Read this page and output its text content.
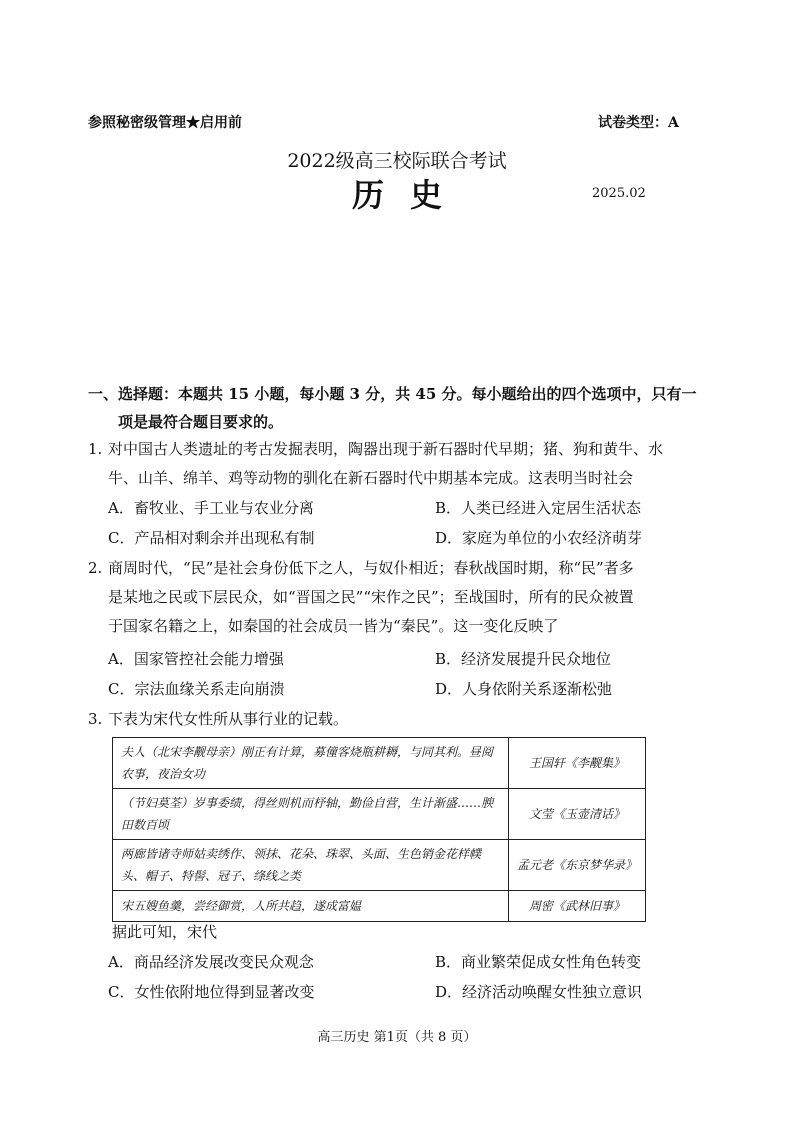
参照秘密级管理★启用前	试卷类型：A
2022级高三校际联合考试
历史	2025.02
一、选择题：本题共 15 小题，每小题 3 分，共 45 分。每小题给出的四个选项中，只有一
项是最符合题目要求的。
1. 对中国古人类遗址的考古发掘表明，陶器出现于新石器时代早期；猪、狗和黄牛、水
牛、山羊、绵羊、鸡等动物的驯化在新石器时代中期基本完成。这表明当时社会
A．畜牧业、手工业与农业分离	B．人类已经进入定居生活状态
C．产品相对剩余并出现私有制	D．家庭为单位的小农经济萌芽
2. 商周时代，“民”是社会身份低下之人，与奴仆相近；春秋战国时期，称“民”者多
是某地之民或下层民众，如“晋国之民”“宋作之民”；至战国时，所有的民众被置
于国家名籍之上，如秦国的社会成员一皆为“秦民”。这一变化反映了
A．国家管控社会能力增强	B．经济发展提升民众地位
C．宗法血缘关系走向崩溃	D．人身依附关系逐渐松弛
3. 下表为宋代女性所从事行业的记载。
夫人（北宋李觏母亲）刚正有计算，募僮客烧瓶耕耨，与同其利。昼阅农事，夜治女功	王国轩《李觏集》
（节妇莫荃）岁事委绩，得丝则机而杼轴，勤俭自营，生计渐盛……腴田数百顷	文莹《玉壶清话》
两廊皆诸寺师姑卖绣作、领抹、花朵、珠翠、头面、生色销金花样幞头、帽子、特髻、冠子、绦线之类	孟元老《东京梦华录》
宋五嫂鱼羹，尝经御赏，人所共趋，遂成富媪	周密《武林旧事》
据此可知，宋代
A．商品经济发展改变民众观念	B．商业繁荣促成女性角色转变
C．女性依附地位得到显著改变	D．经济活动唤醒女性独立意识
高三历史 第1页（共 8 页）
